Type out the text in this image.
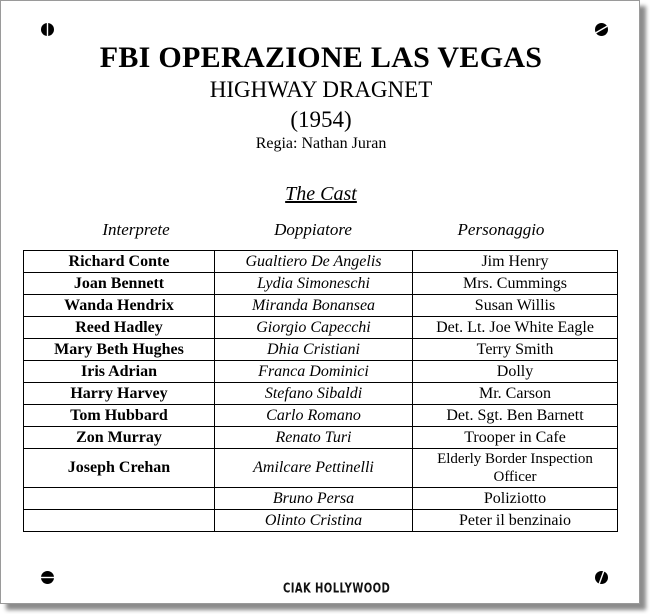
FBI OPERAZIONE LAS VEGAS
HIGHWAY DRAGNET
(1954)
Regia: Nathan Juran
The Cast
Interprete	Doppiatore	Personaggio
Richard Conte	Gualtiero De Angelis	Jim Henry
Joan Bennett	Lydia Simoneschi	Mrs. Cummings
Wanda Hendrix	Miranda Bonansea	Susan Willis
Reed Hadley	Giorgio Capecchi	Det. Lt. Joe White Eagle
Mary Beth Hughes	Dhia Cristiani	Terry Smith
Iris Adrian	Franca Dominici	Dolly
Harry Harvey	Stefano Sibaldi	Mr. Carson
Tom Hubbard	Carlo Romano	Det. Sgt. Ben Barnett
Zon Murray	Renato Turi	Trooper in Cafe
Joseph Crehan	Amilcare Pettinelli	Elderly Border Inspection Officer
	Bruno Persa	Poliziotto
	Olinto Cristina	Peter il benzinaio
CIAK HOLLYWOOD
